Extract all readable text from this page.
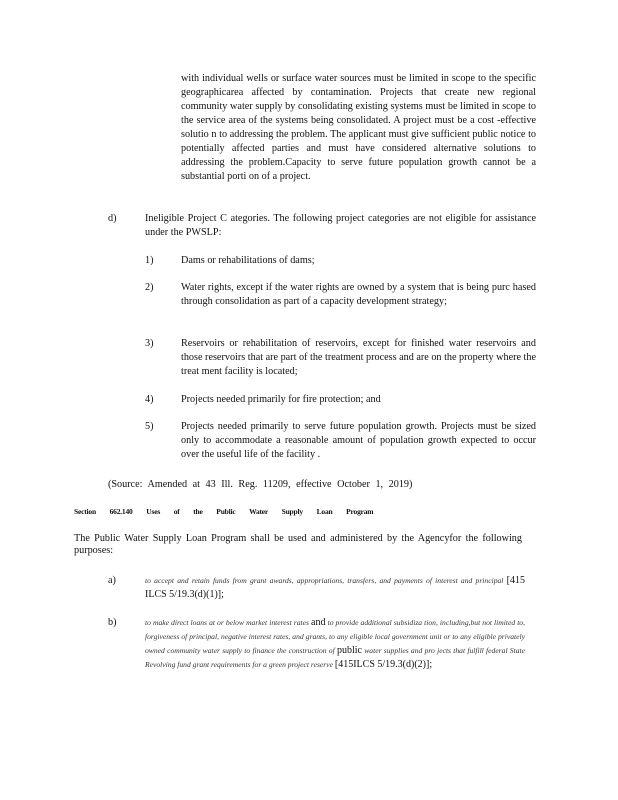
with individual wells or surface water sources must be limited in scope to the specific geographicarea affected by contamination. Projects that create new regional community water supply by consolidating existing systems must be limited in scope to the service area of the systems being consolidated. A project must be a cost -effective solutio n to addressing the problem. The applicant must give sufficient public notice to potentially affected parties and must have considered alternative solutions to addressing the problem.Capacity to serve future population growth cannot be a substantial porti on of a project.
d)	Ineligible Project C ategories. The following project categories are not eligible for assistance under the PWSLP:
1)	Dams or rehabilitations of dams;
2)	Water rights, except if the water rights are owned by a system that is being purc hased through consolidation as part of a capacity development strategy;
3)	Reservoirs or rehabilitation of reservoirs, except for finished water reservoirs and those reservoirs that are part of the treatment process and are on the property where the treat ment facility is located;
4)	Projects needed primarily for fire protection; and
5)	Projects needed primarily to serve future population growth. Projects must be sized only to accommodate a reasonable amount of population growth expected to occur over the useful life of the facility .
(Source: Amended at 43 Ill. Reg. 11209, effective October 1, 2019)
Section 662.140 Uses of the Public Water Supply Loan Program
The Public Water Supply Loan Program shall be used and administered by the Agencyfor the following purposes:
a)	to accept and retain funds from grant awards, appropriations, transfers, and payments of interest and principal [415 ILCS 5/19.3(d)(1)];
b)	to make direct loans at or below market interest rates and to provide additional subsidiza tion, including,but not limited to, forgiveness of principal, negative interest rates, and grants, to any eligible local government unit or to any eligible privately owned community water supply to finance the construction of public water supplies and pro jects that fulfill federal State Revolving fund grant requirements for a green project reserve [415ILCS 5/19.3(d)(2)];
